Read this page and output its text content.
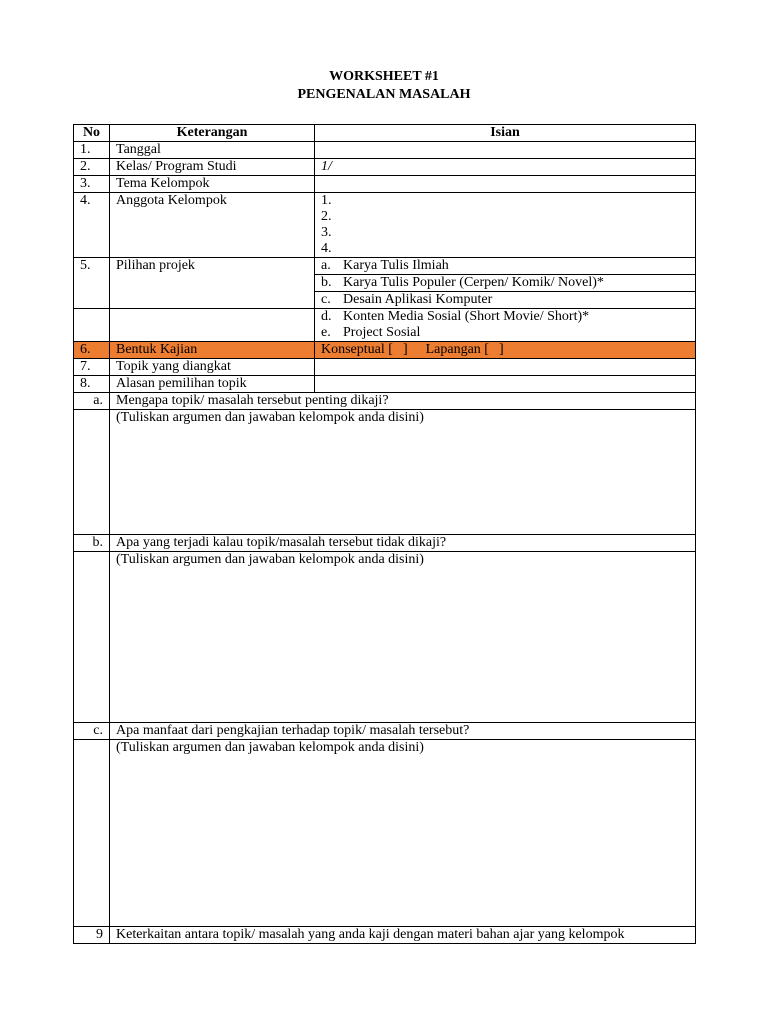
WORKSHEET #1
PENGENALAN MASALAH
No	Keterangan	Isian
1.	Tanggal	
2.	Kelas/ Program Studi	1/
3.	Tema Kelompok	
4.	Anggota Kelompok	1.
2.
3.
4.

5.	Pilihan projek	a. Karya Tulis Ilmiah
		b. Karya Tulis Populer (Cerpen/ Komik/ Novel)*
		c. Desain Aplikasi Komputer

		d. Konten Media Sosial (Short Movie/ Short)*
e. Project Sosial

6.	Bentuk Kajian	Konseptual [ ] Lapangan [ ]
7.	Topik yang diangkat	
8.	Alasan pemilihan topik	
a.	Mengapa topik/ masalah tersebut penting dikaji?	
	(Tuliskan argumen dan jawaban kelompok anda disini)	
b.	Apa yang terjadi kalau topik/masalah tersebut tidak dikaji?	
	(Tuliskan argumen dan jawaban kelompok anda disini)	
c.	Apa manfaat dari pengkajian terhadap topik/ masalah tersebut?	
	(Tuliskan argumen dan jawaban kelompok anda disini)	
9	Keterkaitan antara topik/ masalah yang anda kaji dengan materi bahan ajar yang kelompok	
